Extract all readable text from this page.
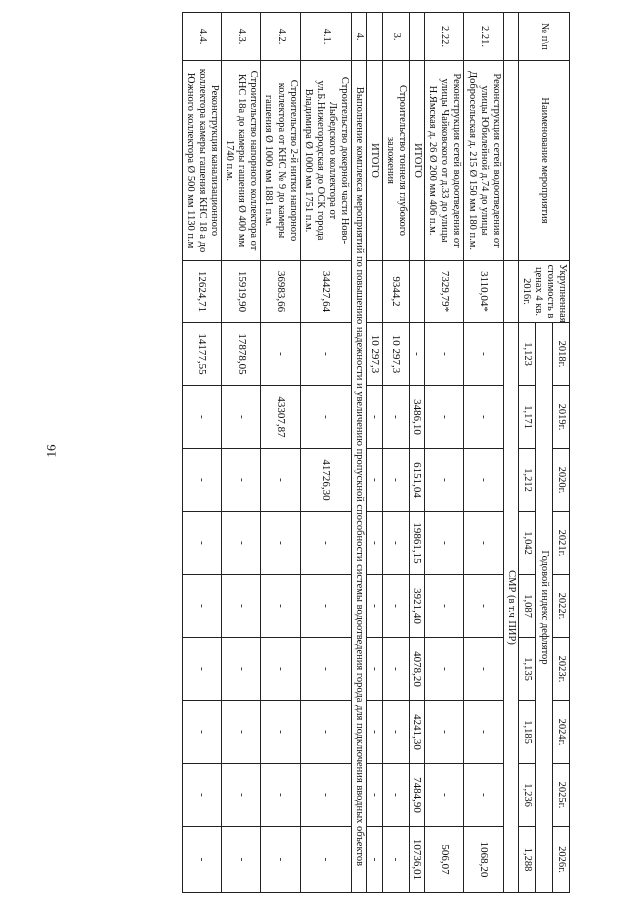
16
№ п\п	Наименование мероприятия	Укрупненная стоимость в ценах 4 кв. 2016г.	2018г.	2019г.	2020г.	2021г.	2022г.	2023г.	2024г.	2025г.	2026г.
			Годовой индекс дефлятор								
			1,123	1,171	1,212	1,042	1,087	1,135	1,185	1,236	1,288
			СМР (в т.ч ПИР)								
2.21.	Реконструкция сетей водоотведения от улицы Юбилейной д.74 до улицы Добросельская д. 215 Ø 150 мм 180 п.м.	3110,04*	-	-	-	-	-	-	-	-	1068,20
2.22.	Реконструкция сетей водоотведения от улицы Чайковского от д.33 до улицы Н.Ямская д. 26 Ø 200 мм 406 п.м.	7329,79*	-	-	-	-	-	-	-	-	506,07
	ИТОГО		-	3486,10	6151,04	19861,15	3921,40	4078,20	4241,30	7484,90	10736,01
3.	Строительство тоннеля глубокого заложения	9344,2	10 297,3	-	-	-	-	-	-	-	-
	ИТОГО		10 297,3	-	-	-	-	-	-	-	-
4.	Выполнение комплекса мероприятий по повышению надежности и увеличению пропускной способности системы водоотведения города для подключения вводных объектов										
4.1.	Строительство докерной части Ново-Лыбедского коллектора от ул.Б.Нижегородская до ОСК города Владимира Ø 1000 мм 1751 п.м.	34427,64	-	-	41726,30	-	-	-	-	-	-
4.2.	Строительство 2-й нитки напорного коллектора от КНС № 9 до камеры гашения Ø 1000 мм 1881 п.м.	36983,66	-	43307,87	-	-	-	-	-	-	-
4.3.	Строительство напорного коллектора от КНС 18а до камеры гашения Ø 400 мм 1740 п.м.	15919,90	17878,05	-	-	-	-	-	-	-	-
4.4.	Реконструкция канализационного коллектора камеры гашения КНС 18 а до Южного коллектора Ø 500 мм 1130 п.м	12624,71	14177,55	-	-	-	-	-	-	-	-
